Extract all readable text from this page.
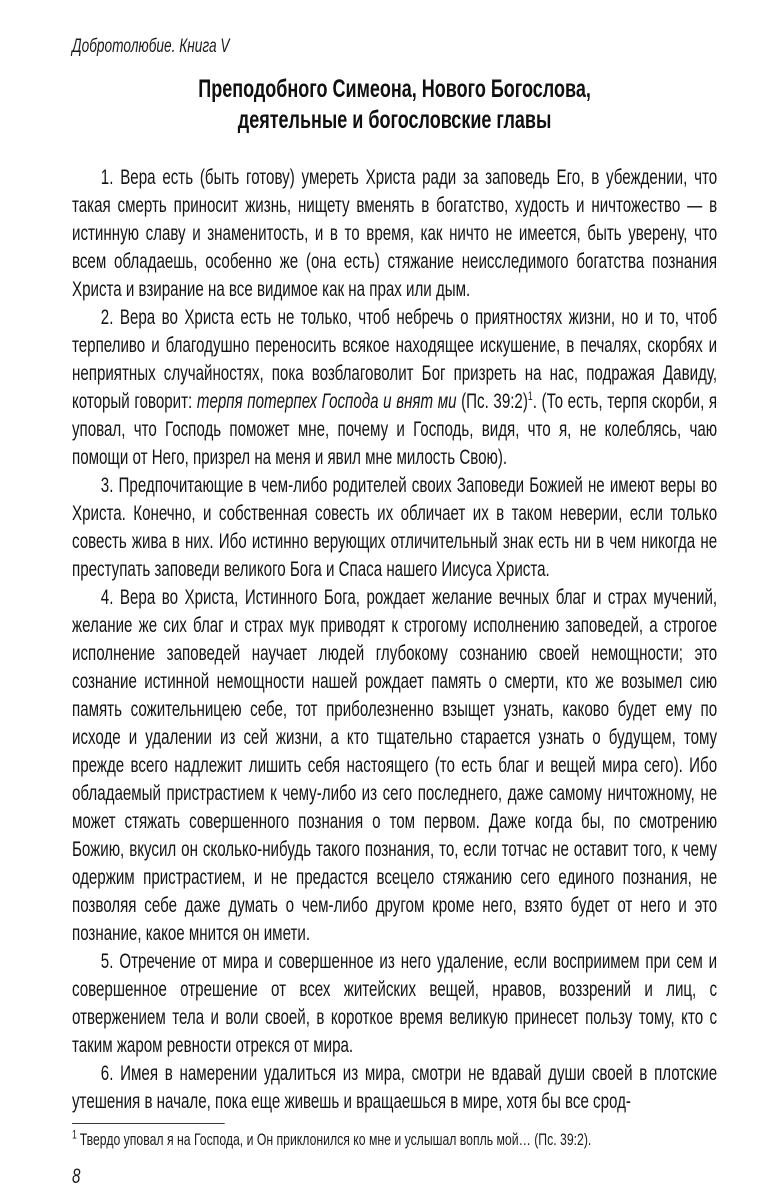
Добротолюбие. Книга V
Преподобного Симеона, Нового Богослова,
деятельные и богословские главы

1. Вера есть (быть готову) умереть Христа ради за заповедь Его, в убеждении, что такая смерть приносит жизнь, нищету вменять в богатство, худость и ничтожество — в истинную славу и знаменитость, и в то время, как ничто не имеется, быть уверену, что всем обладаешь, особенно же (она есть) стяжание неисследимого богатства познания Христа и взирание на все видимое как на прах или дым.

2. Вера во Христа есть не только, чтоб небречь о приятностях жизни, но и то, чтоб терпеливо и благодушно переносить всякое находящее искушение, в печалях, скорбях и неприятных случайностях, пока возблаговолит Бог призреть на нас, подражая Давиду, который говорит: терпя потерпех Господа и внят ми (Пс. 39:2)$^1$. (То есть, терпя скорби, я уповал, что Господь поможет мне, почему и Господь, видя, что я, не колеблясь, чаю помощи от Него, призрел на меня и явил мне милость Свою).

3. Предпочитающие в чем-либо родителей своих Заповеди Божией не имеют веры во Христа. Конечно, и собственная совесть их обличает их в таком неверии, если только совесть жива в них. Ибо истинно верующих отличительный знак есть ни в чем никогда не преступать заповеди великого Бога и Спаса нашего Иисуса Христа.

4. Вера во Христа, Истинного Бога, рождает желание вечных благ и страх мучений, желание же сих благ и страх мук приводят к строгому исполнению заповедей, а строгое исполнение заповедей научает людей глубокому сознанию своей немощности; это сознание истинной немощности нашей рождает память о смерти, кто же возымел сию память сожительницею себе, тот приболезненно взыщет узнать, каково будет ему по исходе и удалении из сей жизни, а кто тщательно старается узнать о будущем, тому прежде всего надлежит лишить себя настоящего (то есть благ и вещей мира сего). Ибо обладаемый пристрастием к чему-либо из сего последнего, даже самому ничтожному, не может стяжать совершенного познания о том первом. Даже когда бы, по смотрению Божию, вкусил он сколько-нибудь такого познания, то, если тотчас не оставит того, к чему одержим пристрастием, и не предастся всецело стяжанию сего единого познания, не позволяя себе даже думать о чем-либо другом кроме него, взято будет от него и это познание, какое мнится он имети.

5. Отречение от мира и совершенное из него удаление, если восприимем при сем и совершенное отрешение от всех житейских вещей, нравов, воззрений и лиц, с отвержением тела и воли своей, в короткое время великую принесет пользу тому, кто с таким жаром ревности отрекся от мира.

6. Имея в намерении удалиться из мира, смотри не вдавай души своей в плотские утешения в начале, пока еще живешь и вращаешься в мире, хотя бы все срод-

$^1$ Твердо уповал я на Господа, и Он приклонился ко мне и услышал вопль мой… (Пс. 39:2).
8
